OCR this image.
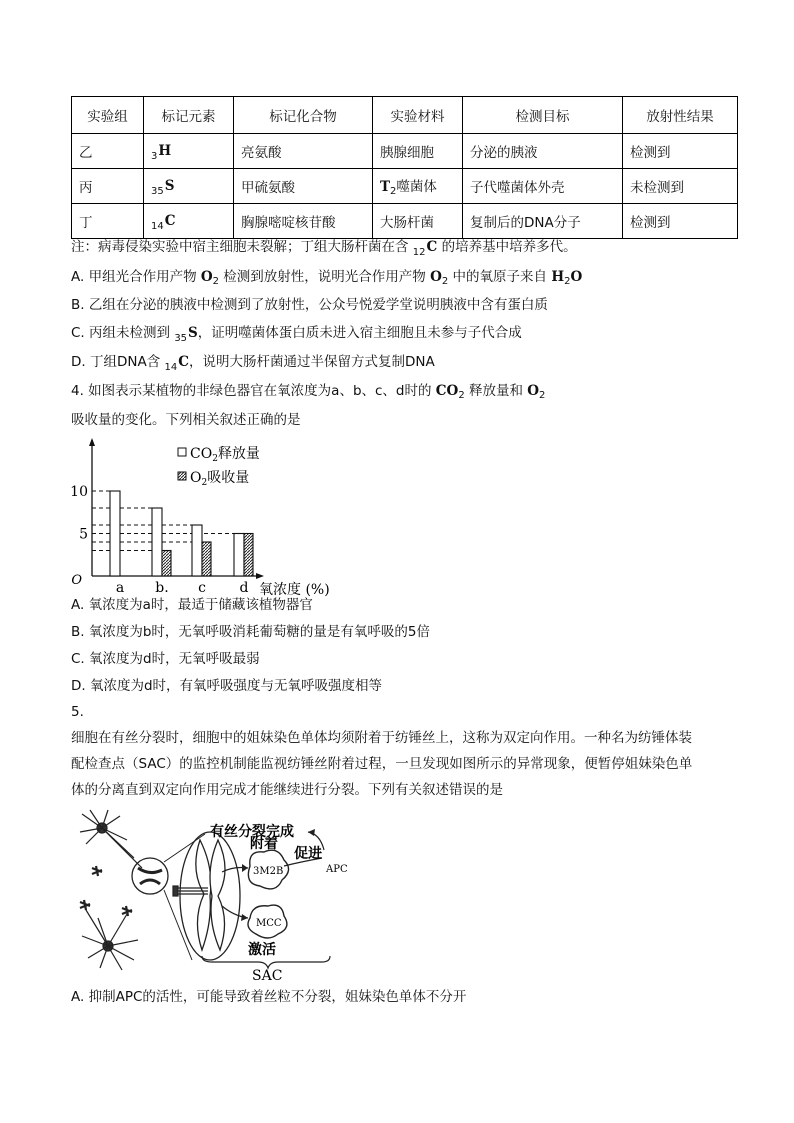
实验组	标记元素	标记化合物	实验材料	检测目标	放射性结果
乙	$_3$H	亮氨酸	胰腺细胞	分泌的胰液	检测到
丙	$_{35}$S	甲硫氨酸	$T_2$噬菌体	子代噬菌体外壳	未检测到
丁	$_{14}$C	胸腺嘧啶核苷酸	大肠杆菌	复制后的DNA分子	检测到
注：病毒侵染实验中宿主细胞未裂解；丁组大肠杆菌在含 $_{12}$C 的培养基中培养多代。
A. 甲组光合作用产物 $O_2$ 检测到放射性，说明光合作用产物 $O_2$ 中的氧原子来自 $H_2O$
B. 乙组在分泌的胰液中检测到了放射性，公众号悦爱学堂说明胰液中含有蛋白质
C. 丙组未检测到 $_{35}$S，证明噬菌体蛋白质未进入宿主细胞且未参与子代合成
D. 丁组DNA含 $_{14}$C，说明大肠杆菌通过半保留方式复制DNA
4. 如图表示某植物的非绿色器官在氧浓度为a、b、c、d时的 $CO_2$ 释放量和 $O_2$
吸收量的变化。下列相关叙述正确的是
10
5
O a b. c d 氧浓度 (%)
$CO_2$释放量
$O_2$吸收量
A. 氧浓度为a时，最适于储藏该植物器官
B. 氧浓度为b时，无氧呼吸消耗葡萄糖的量是有氧呼吸的5倍
C. 氧浓度为d时，无氧呼吸最弱
D. 氧浓度为d时，有氧呼吸强度与无氧呼吸强度相等
5.
细胞在有丝分裂时，细胞中的姐妹染色单体均须附着于纺锤丝上，这称为双定向作用。一种名为纺锤体装
配检查点（SAC）的监控机制能监视纺锤丝附着过程，一旦发现如图所示的异常现象，便暂停姐妹染色单
体的分离直到双定向作用完成才能继续进行分裂。下列有关叙述错误的是
3M2B
MCC
有丝分裂完成
附着
促进
APC
激活
SAC
A. 抑制APC的活性，可能导致着丝粒不分裂，姐妹染色单体不分开
